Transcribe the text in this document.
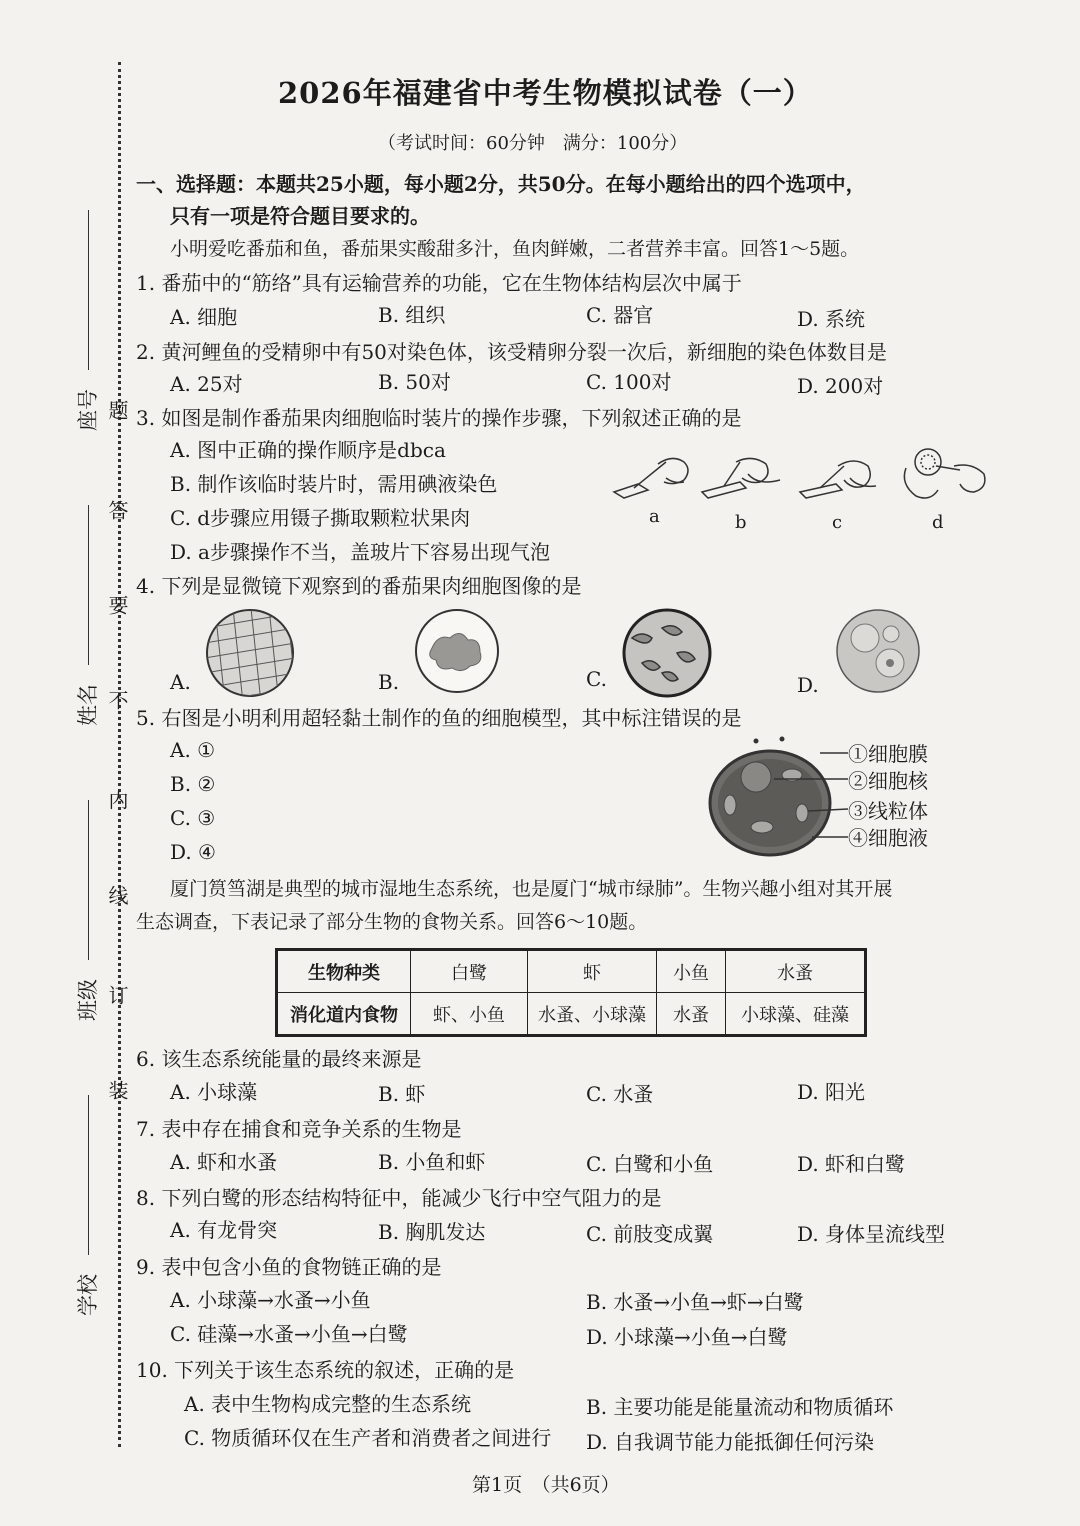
题
答
要
不
内
线
订
装
座号
姓名
班级
学校
2026年福建省中考生物模拟试卷（一）
（考试时间：60分钟　满分：100分）
一、选择题：本题共25小题，每小题2分，共50分。在每小题给出的四个选项中，
只有一项是符合题目要求的。
小明爱吃番茄和鱼，番茄果实酸甜多汁，鱼肉鲜嫩，二者营养丰富。回答1～5题。
1. 番茄中的“筋络”具有运输营养的功能，它在生物体结构层次中属于
A. 细胞	B. 组织	C. 器官	D. 系统
2. 黄河鲤鱼的受精卵中有50对染色体，该受精卵分裂一次后，新细胞的染色体数目是
A. 25对	B. 50对	C. 100对	D. 200对
3. 如图是制作番茄果肉细胞临时装片的操作步骤，下列叙述正确的是
A. 图中正确的操作顺序是dbca
B. 制作该临时装片时，需用碘液染色
C. d步骤应用镊子撕取颗粒状果肉
D. a步骤操作不当，盖玻片下容易出现气泡
a	b	c	d
4. 下列是显微镜下观察到的番茄果肉细胞图像的是
A.	B.	C.	D.
5. 右图是小明利用超轻黏土制作的鱼的细胞模型，其中标注错误的是
A. ①
B. ②
C. ③
D. ④
①细胞膜
②细胞核
③线粒体
④细胞液
厦门筼筜湖是典型的城市湿地生态系统，也是厦门“城市绿肺”。生物兴趣小组对其开展
生态调查，下表记录了部分生物的食物关系。回答6～10题。
生物种类	白鹭	虾	小鱼	水蚤
消化道内食物	虾、小鱼	水蚤、小球藻	水蚤	小球藻、硅藻
6. 该生态系统能量的最终来源是
A. 小球藻	B. 虾	C. 水蚤	D. 阳光
7. 表中存在捕食和竞争关系的生物是
A. 虾和水蚤	B. 小鱼和虾	C. 白鹭和小鱼	D. 虾和白鹭
8. 下列白鹭的形态结构特征中，能减少飞行中空气阻力的是
A. 有龙骨突	B. 胸肌发达	C. 前肢变成翼	D. 身体呈流线型
9. 表中包含小鱼的食物链正确的是
A. 小球藻→水蚤→小鱼	B. 水蚤→小鱼→虾→白鹭
C. 硅藻→水蚤→小鱼→白鹭	D. 小球藻→小鱼→白鹭
10. 下列关于该生态系统的叙述，正确的是
A. 表中生物构成完整的生态系统	B. 主要功能是能量流动和物质循环
C. 物质循环仅在生产者和消费者之间进行 D. 自我调节能力能抵御任何污染
第1页　（共6页）
